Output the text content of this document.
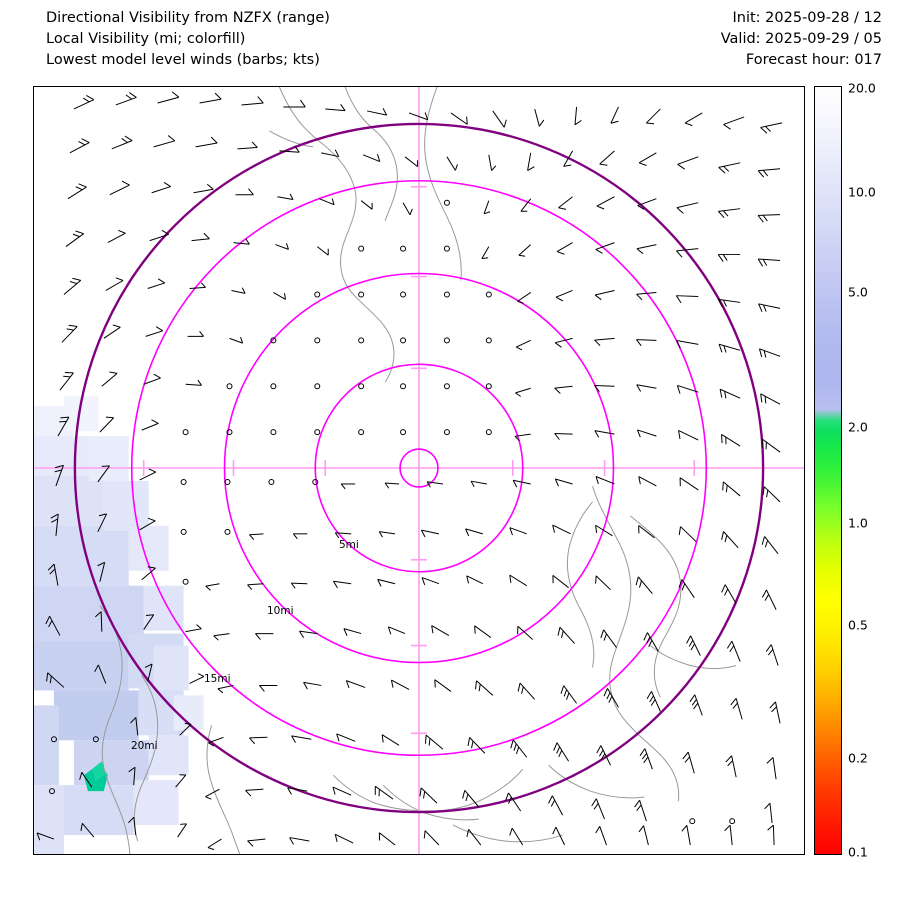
Directional Visibility from NZFX (range)
Local Visibility (mi; colorfill)
Lowest model level winds (barbs; kts)
Init: 2025-09-28 / 12
Valid: 2025-09-29 / 05
Forecast hour: 017
5mi
10mi
15mi
20mi
20.0
10.0
5.0
2.0
1.0
0.5
0.2
0.1
